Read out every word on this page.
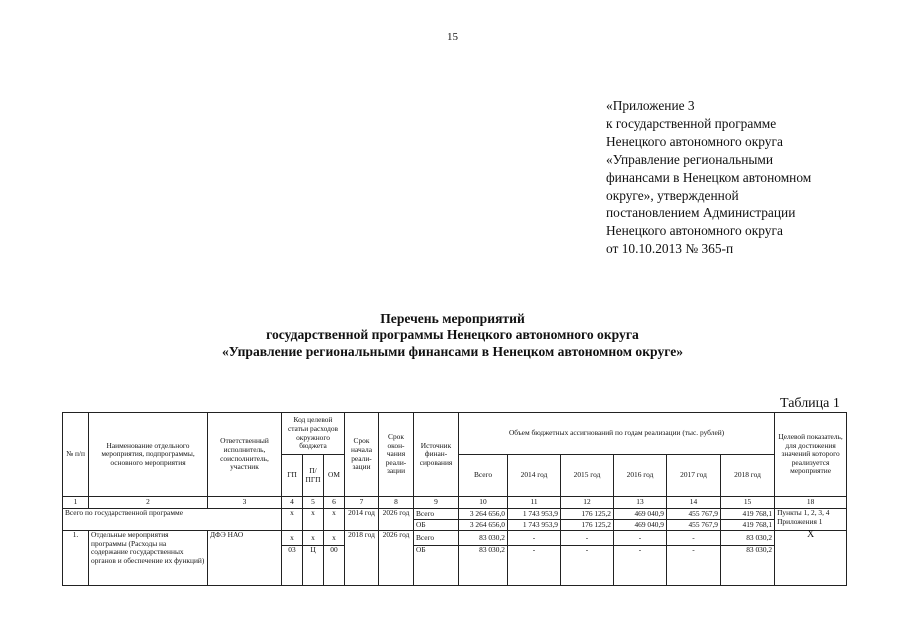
15
«Приложение 3
к государственной программе
Ненецкого автономного округа
«Управление региональными
финансами в Ненецком автономном
округе», утвержденной
постановлением Администрации
Ненецкого автономного округа
от 10.10.2013 № 365-п
Перечень мероприятий
государственной программы Ненецкого автономного округа
«Управление региональными финансами в Ненецком автономном округе»
Таблица 1
№ п/п	Наименование отдельного мероприятия, подпрограммы, основного мероприятия	Ответственный исполнитель, соисполнитель, участник	Код целевой статьи расходов окружного бюджета			Срок начала реали-зации	Срок окон-чания реали-зации	Источник финан-сирования	Объем бюджетных ассигнований по годам реализации (тыс. рублей)						Целевой показатель, для достижения значений которого реализуется мероприятие

			ГП	П/ ПГП	ОМ				Всего	2014 год	2015 год	2016 год	2017 год	2018 год	
1	2	3	4	5	6	7	8	9	10	11	12	13	14	15	18
Всего по государственной программе			х	х	х	2014 год	2026 год	Всего	3 264 656,0	1 743 953,9	176 125,2	469 040,9	455 767,9	419 768,1	Пункты 1, 2, 3, 4 Приложения 1
								ОБ	3 264 656,0	1 743 953,9	176 125,2	469 040,9	455 767,9	419 768,1	
1.	Отдельные мероприятия программы (Расходы на содержание государственных органов и обеспечение их функций)	ДФЭ НАО	х	х	х	2018 год	2026 год	Всего	83 030,2	-	-	-	-	83 030,2	Х
			03	Ц	00			ОБ	83 030,2	-	-	-	-	83 030,2	
